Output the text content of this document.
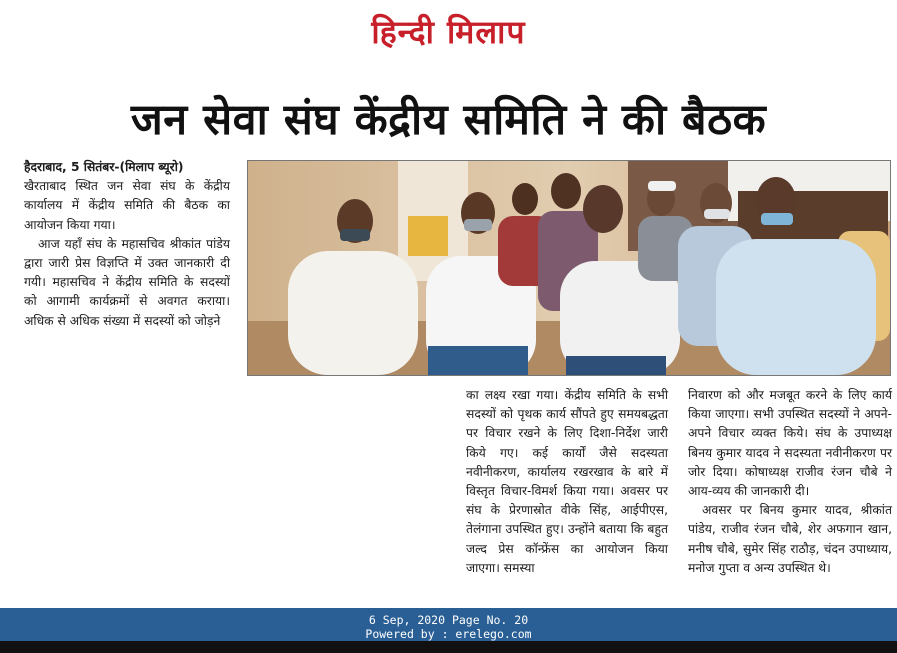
हिन्दी मिलाप
जन सेवा संघ केंद्रीय समिति ने की बैठक

हैदराबाद, 5 सितंबर-(मिलाप ब्यूरो)

खैरताबाद स्थित जन सेवा संघ के केंद्रीय कार्यालय में केंद्रीय समिति की बैठक का आयोजन किया गया।

आज यहाँ संघ के महासचिव श्रीकांत पांडेय द्वारा जारी प्रेस विज्ञप्ति में उक्त जानकारी दी गयी। महासचिव ने केंद्रीय समिति के सदस्यों को आगामी कार्यक्रमों से अवगत कराया। अधिक से अधिक संख्या में सदस्यों को जोड़ने

का लक्ष्य रखा गया। केंद्रीय समिति के सभी सदस्यों को पृथक कार्य सौंपते हुए समयबद्धता पर विचार रखने के लिए दिशा-निर्देश जारी किये गए। कई कार्यों जैसे सदस्यता नवीनीकरण, कार्यालय रखरखाव के बारे में विस्तृत विचार-विमर्श किया गया। अवसर पर संघ के प्रेरणास्रोत वीके सिंह, आईपीएस, तेलंगाना उपस्थित हुए। उन्होंने बताया कि बहुत जल्द प्रेस कॉन्फ्रेंस का आयोजन किया जाएगा। समस्या

निवारण को और मजबूत करने के लिए कार्य किया जाएगा। सभी उपस्थित सदस्यों ने अपने-अपने विचार व्यक्त किये। संघ के उपाध्यक्ष बिनय कुमार यादव ने सदस्यता नवीनीकरण पर जोर दिया। कोषाध्यक्ष राजीव रंजन चौबे ने आय-व्यय की जानकारी दी।

अवसर पर बिनय कुमार यादव, श्रीकांत पांडेय, राजीव रंजन चौबे, शेर अफगान खान, मनीष चौबे, सुमेर सिंह राठौड़, चंदन उपाध्याय, मनोज गुप्ता व अन्य उपस्थित थे।

6 Sep, 2020 Page No. 20
Powered by : erelego.com
